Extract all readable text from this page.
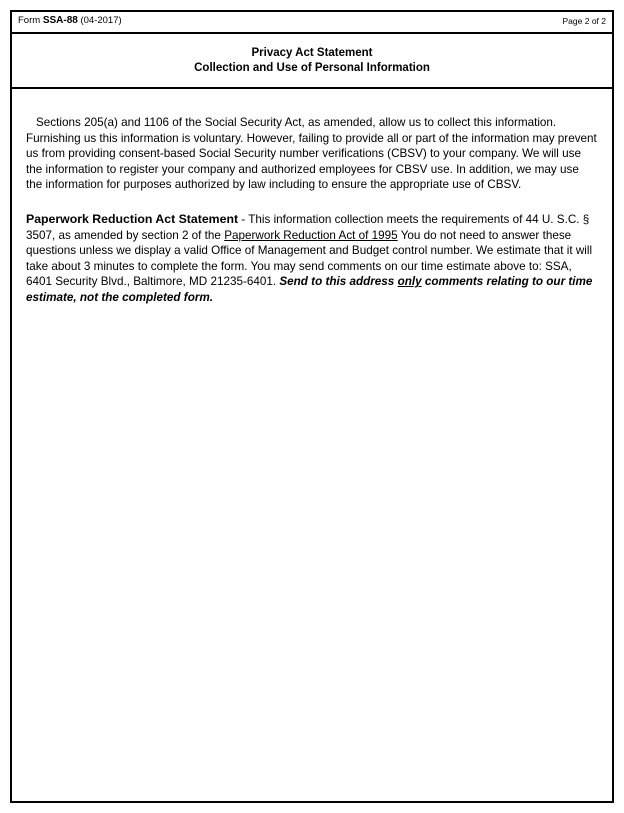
Form SSA-88 (04-2017)	Page 2 of 2
Privacy Act Statement
Collection and Use of Personal Information

Sections 205(a) and 1106 of the Social Security Act, as amended, allow us to collect this information. Furnishing us this information is voluntary. However, failing to provide all or part of the information may prevent us from providing consent-based Social Security number verifications (CBSV) to your company. We will use the information to register your company and authorized employees for CBSV use. In addition, we may use the information for purposes authorized by law including to ensure the appropriate use of CBSV.

Paperwork Reduction Act Statement - This information collection meets the requirements of 44 U. S.C. § 3507, as amended by section 2 of the Paperwork Reduction Act of 1995 You do not need to answer these questions unless we display a valid Office of Management and Budget control number. We estimate that it will take about 3 minutes to complete the form. You may send comments on our time estimate above to: SSA, 6401 Security Blvd., Baltimore, MD 21235-6401. Send to this address only comments relating to our time estimate, not the completed form.
